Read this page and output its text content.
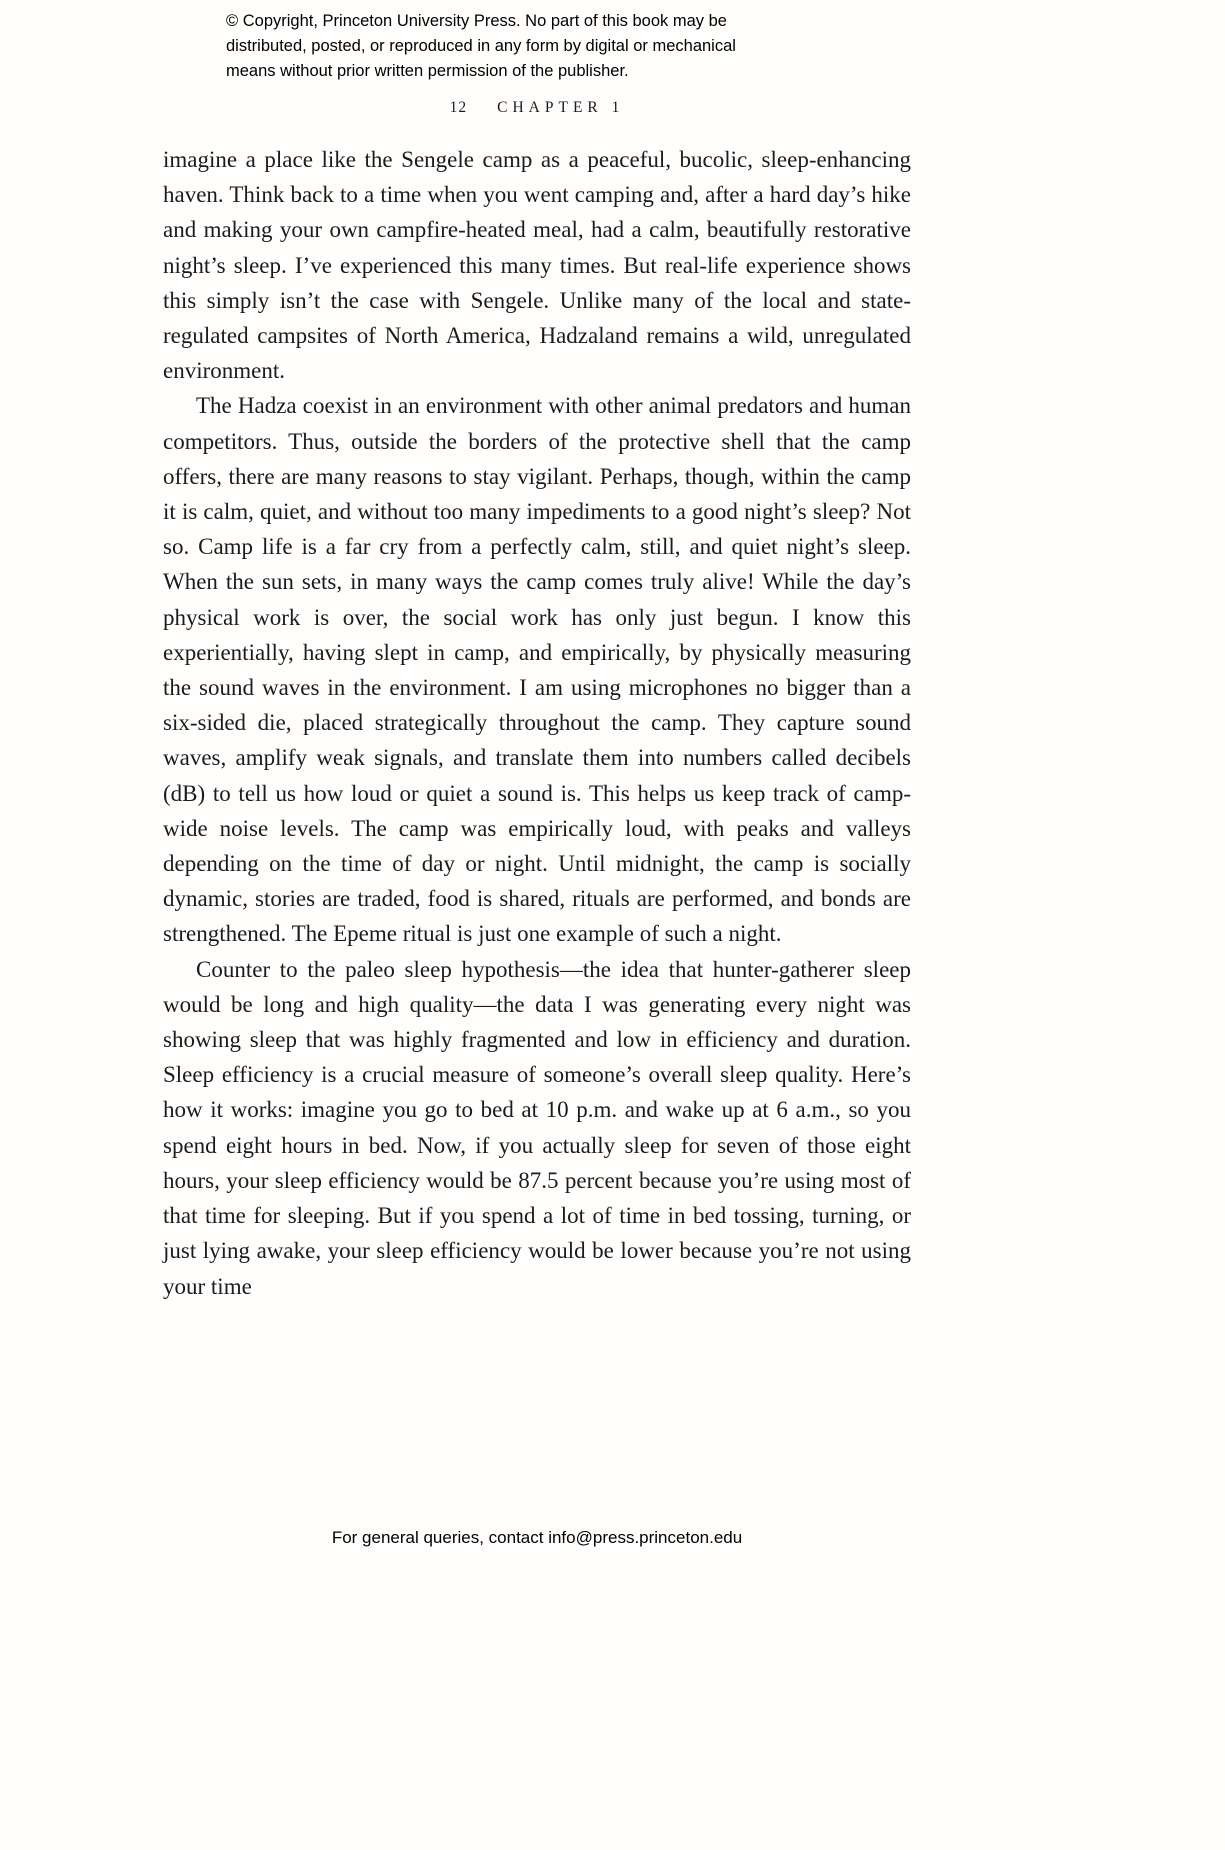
© Copyright, Princeton University Press. No part of this book may be
distributed, posted, or reproduced in any form by digital or mechanical
means without prior written permission of the publisher.
12 CHAPTER 1

imagine a place like the Sengele camp as a peaceful, bucolic, sleep-enhancing haven. Think back to a time when you went camping and, after a hard day’s hike and making your own campfire-heated meal, had a calm, beautifully restorative night’s sleep. I’ve experienced this many times. But real-life experience shows this simply isn’t the case with Sengele. Unlike many of the local and state-regulated campsites of North America, Hadzaland remains a wild, unregulated environment.

The Hadza coexist in an environment with other animal predators and human competitors. Thus, outside the borders of the protective shell that the camp offers, there are many reasons to stay vigilant. Perhaps, though, within the camp it is calm, quiet, and without too many impediments to a good night’s sleep? Not so. Camp life is a far cry from a perfectly calm, still, and quiet night’s sleep. When the sun sets, in many ways the camp comes truly alive! While the day’s physical work is over, the social work has only just begun. I know this experientially, having slept in camp, and empirically, by physically measuring the sound waves in the environment. I am using microphones no bigger than a six-sided die, placed strategically throughout the camp. They capture sound waves, amplify weak signals, and translate them into numbers called decibels (dB) to tell us how loud or quiet a sound is. This helps us keep track of camp-wide noise levels. The camp was empirically loud, with peaks and valleys depending on the time of day or night. Until midnight, the camp is socially dynamic, stories are traded, food is shared, rituals are performed, and bonds are strengthened. The Epeme ritual is just one example of such a night.

Counter to the paleo sleep hypothesis—the idea that hunter-gatherer sleep would be long and high quality—the data I was generating every night was showing sleep that was highly fragmented and low in efficiency and duration. Sleep efficiency is a crucial measure of someone’s overall sleep quality. Here’s how it works: imagine you go to bed at 10 p.m. and wake up at 6 a.m., so you spend eight hours in bed. Now, if you actually sleep for seven of those eight hours, your sleep efficiency would be 87.5 percent because you’re using most of that time for sleeping. But if you spend a lot of time in bed tossing, turning, or just lying awake, your sleep efficiency would be lower because you’re not using your time

For general queries, contact info@press.princeton.edu
